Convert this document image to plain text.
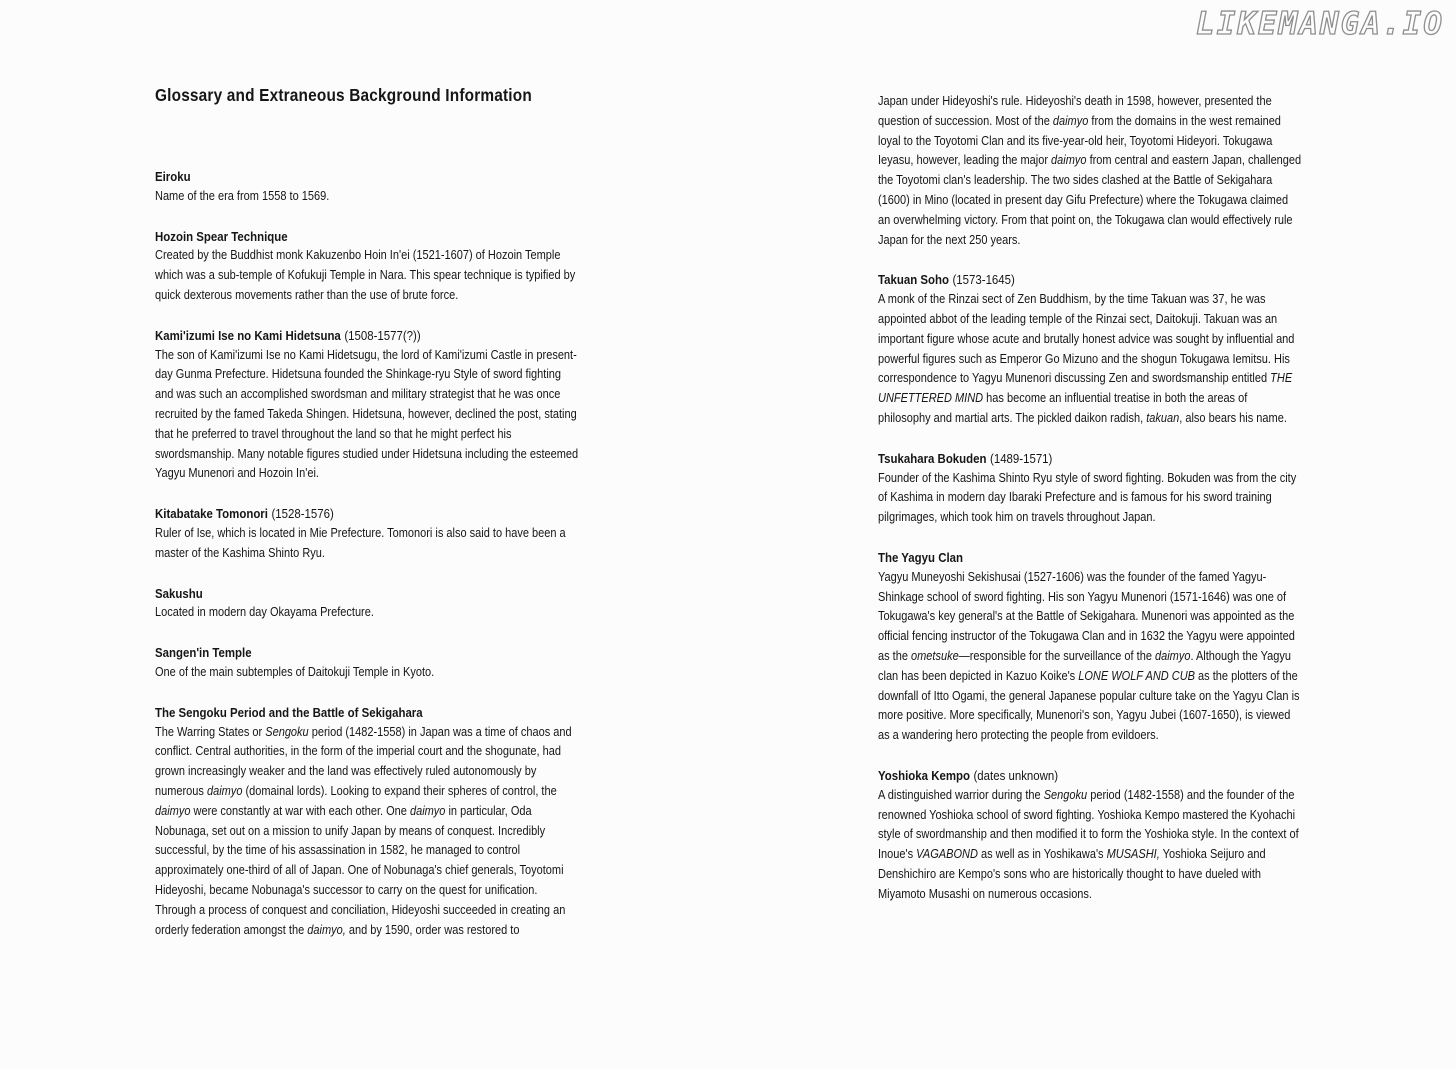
LIKEMANGA.IO
Glossary and Extraneous Background Information
Eiroku

Name of the era from 1558 to 1569.

Hozoin Spear Technique

Created by the Buddhist monk Kakuzenbo Hoin In'ei (1521-1607) of Hozoin Temple which was a sub-temple of Kofukuji Temple in Nara. This spear technique is typified by quick dexterous movements rather than the use of brute force.

Kami'izumi Ise no Kami Hidetsuna (1508-1577(?))

The son of Kami'izumi Ise no Kami Hidetsugu, the lord of Kami'izumi Castle in present-day Gunma Prefecture. Hidetsuna founded the Shinkage-ryu Style of sword fighting and was such an accomplished swordsman and military strategist that he was once recruited by the famed Takeda Shingen. Hidetsuna, however, declined the post, stating that he preferred to travel throughout the land so that he might perfect his swordsmanship. Many notable figures studied under Hidetsuna including the esteemed Yagyu Munenori and Hozoin In'ei.

Kitabatake Tomonori (1528-1576)

Ruler of Ise, which is located in Mie Prefecture. Tomonori is also said to have been a master of the Kashima Shinto Ryu.

Sakushu

Located in modern day Okayama Prefecture.

Sangen'in Temple

One of the main subtemples of Daitokuji Temple in Kyoto.

The Sengoku Period and the Battle of Sekigahara

The Warring States or Sengoku period (1482-1558) in Japan was a time of chaos and conflict. Central authorities, in the form of the imperial court and the shogunate, had grown increasingly weaker and the land was effectively ruled autonomously by numerous daimyo (domainal lords). Looking to expand their spheres of control, the daimyo were constantly at war with each other. One daimyo in particular, Oda Nobunaga, set out on a mission to unify Japan by means of conquest. Incredibly successful, by the time of his assassination in 1582, he managed to control approximately one-third of all of Japan. One of Nobunaga's chief generals, Toyotomi Hideyoshi, became Nobunaga's successor to carry on the quest for unification. Through a process of conquest and conciliation, Hideyoshi succeeded in creating an orderly federation amongst the daimyo, and by 1590, order was restored to

Japan under Hideyoshi's rule. Hideyoshi's death in 1598, however, presented the question of succession. Most of the daimyo from the domains in the west remained loyal to the Toyotomi Clan and its five-year-old heir, Toyotomi Hideyori. Tokugawa Ieyasu, however, leading the major daimyo from central and eastern Japan, challenged the Toyotomi clan's leadership. The two sides clashed at the Battle of Sekigahara (1600) in Mino (located in present day Gifu Prefecture) where the Tokugawa claimed an overwhelming victory. From that point on, the Tokugawa clan would effectively rule Japan for the next 250 years.

Takuan Soho (1573-1645)

A monk of the Rinzai sect of Zen Buddhism, by the time Takuan was 37, he was appointed abbot of the leading temple of the Rinzai sect, Daitokuji. Takuan was an important figure whose acute and brutally honest advice was sought by influential and powerful figures such as Emperor Go Mizuno and the shogun Tokugawa Iemitsu. His correspondence to Yagyu Munenori discussing Zen and swordsmanship entitled THE UNFETTERED MIND has become an influential treatise in both the areas of philosophy and martial arts. The pickled daikon radish, takuan, also bears his name.

Tsukahara Bokuden (1489-1571)

Founder of the Kashima Shinto Ryu style of sword fighting. Bokuden was from the city of Kashima in modern day Ibaraki Prefecture and is famous for his sword training pilgrimages, which took him on travels throughout Japan.

The Yagyu Clan

Yagyu Muneyoshi Sekishusai (1527-1606) was the founder of the famed Yagyu-Shinkage school of sword fighting. His son Yagyu Munenori (1571-1646) was one of Tokugawa's key general's at the Battle of Sekigahara. Munenori was appointed as the official fencing instructor of the Tokugawa Clan and in 1632 the Yagyu were appointed as the ometsuke—responsible for the surveillance of the daimyo. Although the Yagyu clan has been depicted in Kazuo Koike's LONE WOLF AND CUB as the plotters of the downfall of Itto Ogami, the general Japanese popular culture take on the Yagyu Clan is more positive. More specifically, Munenori's son, Yagyu Jubei (1607-1650), is viewed as a wandering hero protecting the people from evildoers.

Yoshioka Kempo (dates unknown)

A distinguished warrior during the Sengoku period (1482-1558) and the founder of the renowned Yoshioka school of sword fighting. Yoshioka Kempo mastered the Kyohachi style of swordmanship and then modified it to form the Yoshioka style. In the context of Inoue's VAGABOND as well as in Yoshikawa's MUSASHI, Yoshioka Seijuro and Denshichiro are Kempo's sons who are historically thought to have dueled with Miyamoto Musashi on numerous occasions.
